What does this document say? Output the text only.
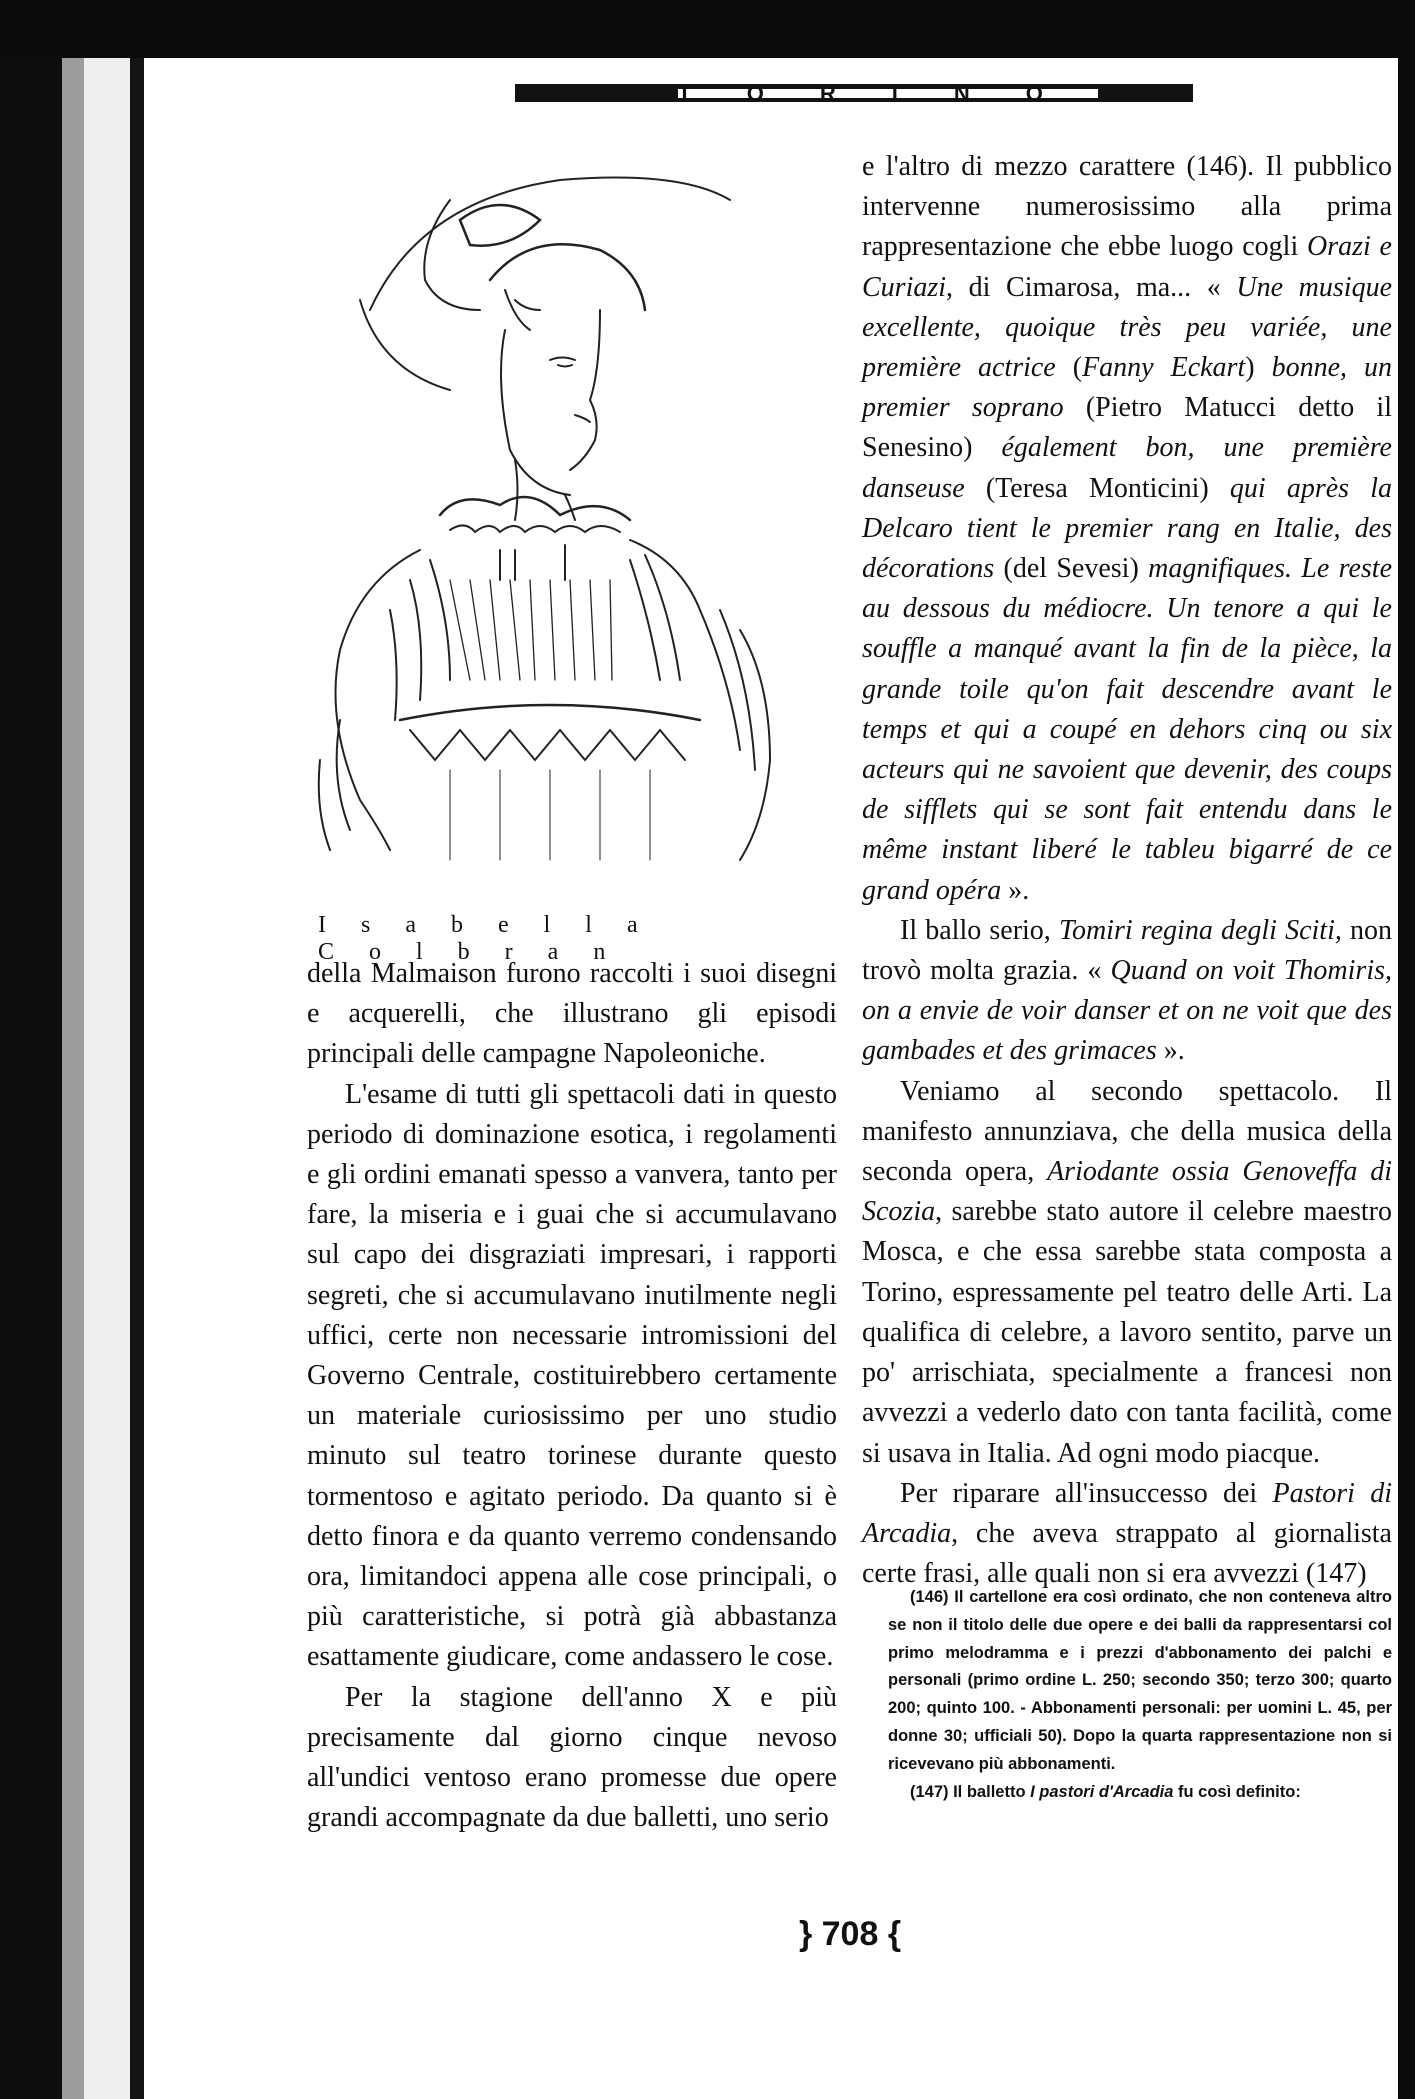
TORINO
Isabella Colbran

della Malmaison furono raccolti i suoi disegni e acquerelli, che illustrano gli episodi principali delle campagne Napoleoniche.

L'esame di tutti gli spettacoli dati in questo periodo di dominazione esotica, i regolamenti e gli ordini emanati spesso a vanvera, tanto per fare, la miseria e i guai che si accumulavano sul capo dei disgraziati impresari, i rapporti segreti, che si accumulavano inutilmente negli uffici, certe non necessarie intromissioni del Governo Centrale, costituirebbero certamente un materiale curiosissimo per uno studio minuto sul teatro torinese durante questo tormentoso e agitato periodo. Da quanto si è detto finora e da quanto verremo condensando ora, limitandoci appena alle cose principali, o più caratteristiche, si potrà già abbastanza esattamente giudicare, come andassero le cose.

Per la stagione dell'anno X e più precisamente dal giorno cinque nevoso all'undici ventoso erano promesse due opere grandi accompagnate da due balletti, uno serio

e l'altro di mezzo carattere (146). Il pubblico intervenne numerosissimo alla prima rappresentazione che ebbe luogo cogli Orazi e Curiazi, di Cimarosa, ma... « Une musique excellente, quoique très peu variée, une première actrice (Fanny Eckart) bonne, un premier soprano (Pietro Matucci detto il Senesino) également bon, une première danseuse (Teresa Monticini) qui après la Delcaro tient le premier rang en Italie, des décorations (del Sevesi) magnifiques. Le reste au dessous du médiocre. Un tenore a qui le souffle a manqué avant la fin de la pièce, la grande toile qu'on fait descendre avant le temps et qui a coupé en dehors cinq ou six acteurs qui ne savoient que devenir, des coups de sifflets qui se sont fait entendu dans le même instant liberé le tableu bigarré de ce grand opéra ».

Il ballo serio, Tomiri regina degli Sciti, non trovò molta grazia. « Quand on voit Thomiris, on a envie de voir danser et on ne voit que des gambades et des grimaces ».

Veniamo al secondo spettacolo. Il manifesto annunziava, che della musica della seconda opera, Ariodante ossia Genoveffa di Scozia, sarebbe stato autore il celebre maestro Mosca, e che essa sarebbe stata composta a Torino, espressamente pel teatro delle Arti. La qualifica di celebre, a lavoro sentito, parve un po' arrischiata, specialmente a francesi non avvezzi a vederlo dato con tanta facilità, come si usava in Italia. Ad ogni modo piacque.

Per riparare all'insuccesso dei Pastori di Arcadia, che aveva strappato al giornalista certe frasi, alle quali non si era avvezzi (147)

(146) Il cartellone era così ordinato, che non conteneva altro se non il titolo delle due opere e dei balli da rappresentarsi col primo melodramma e i prezzi d'abbonamento dei palchi e personali (primo ordine L. 250; secondo 350; terzo 300; quarto 200; quinto 100. - Abbonamenti personali: per uomini L. 45, per donne 30; ufficiali 50). Dopo la quarta rappresentazione non si ricevevano più abbonamenti.

(147) Il balletto I pastori d'Arcadia fu così definito:

} 708 {
